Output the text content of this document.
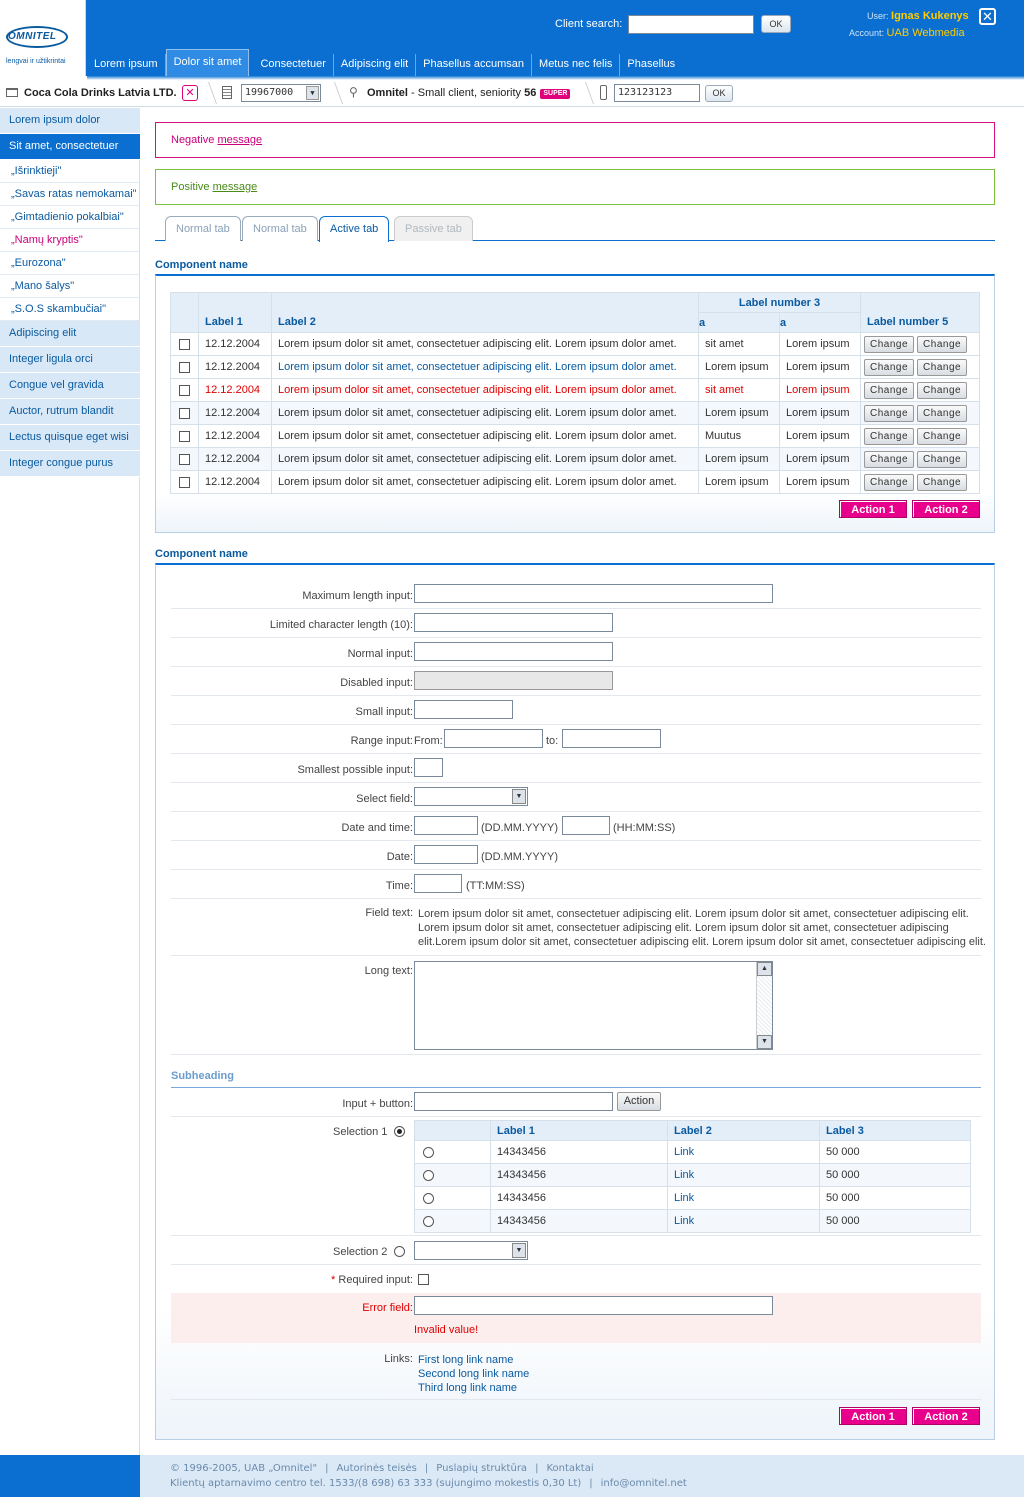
OMNITEL
lengvai ir užtikrintai
Client search:	OK
User: Ignas Kukenys
Account: UAB Webmedia
✕
Lorem ipsum	Dolor sit amet	Consectetuer	Adipiscing elit	Phasellus accumsan	Metus nec felis	Phasellus
Coca Cola Drinks Latvia LTD. ✕	19967000	▼	⚲ Omnitel - Small client, seniority 56 SUPER	123123123	OK
Lorem ipsum dolor
Sit amet, consectetuer
„Išrinktieji"
„Savas ratas nemokamai"
„Gimtadienio pokalbiai"
„Namų kryptis"
„Eurozona"
„Mano šalys"
„S.O.S skambučiai"
Adipiscing elit
Integer ligula orci
Congue vel gravida
Auctor, rutrum blandit
Lectus quisque eget wisi
Integer congue purus
Negative message
Positive message
Normal tab	Normal tab	Active tab	Passive tab
Component name
	Label 1	Label 2	Label number 3		Label number 5
			a	a	
	12.12.2004	Lorem ipsum dolor sit amet, consectetuer adipiscing elit. Lorem ipsum dolor amet.	sit amet	Lorem ipsum	Change Change
	12.12.2004	Lorem ipsum dolor sit amet, consectetuer adipiscing elit. Lorem ipsum dolor amet.	Lorem ipsum	Lorem ipsum	Change Change
	12.12.2004	Lorem ipsum dolor sit amet, consectetuer adipiscing elit. Lorem ipsum dolor amet.	sit amet	Lorem ipsum	Change Change
	12.12.2004	Lorem ipsum dolor sit amet, consectetuer adipiscing elit. Lorem ipsum dolor amet.	Lorem ipsum	Lorem ipsum	Change Change
	12.12.2004	Lorem ipsum dolor sit amet, consectetuer adipiscing elit. Lorem ipsum dolor amet.	Muutus	Lorem ipsum	Change Change
	12.12.2004	Lorem ipsum dolor sit amet, consectetuer adipiscing elit. Lorem ipsum dolor amet.	Lorem ipsum	Lorem ipsum	Change Change
	12.12.2004	Lorem ipsum dolor sit amet, consectetuer adipiscing elit. Lorem ipsum dolor amet.	Lorem ipsum	Lorem ipsum	Change Change
Action 1	Action 2
Component name
Maximum length input:
Limited character length (10):
Normal input:
Disabled input:
Small input:
Range input: From:	to:
Smallest possible input:
Select field:	▼
Date and time:	(DD.MM.YYYY)	(HH:MM:SS)
Date:	(DD.MM.YYYY)
Time:	(TT:MM:SS)
Field text: Lorem ipsum dolor sit amet, consectetuer adipiscing elit. Lorem ipsum dolor sit amet, consectetuer adipiscing elit.
Lorem ipsum dolor sit amet, consectetuer adipiscing elit. Lorem ipsum dolor sit amet, consectetuer adipiscing
elit.Lorem ipsum dolor sit amet, consectetuer adipiscing elit. Lorem ipsum dolor sit amet, consectetuer adipiscing elit.
Long text:	▲
▼
Subheading
Input + button:	Action
Selection 1
		Label 1	Label 2	Label 3

	14343456	Link	50 000

	14343456	Link	50 000

	14343456	Link	50 000

	14343456	Link	50 000
Selection 2	▼
* Required input:
Error field:
Invalid value!
Links: First long link name
Second long link name
Third long link name
Action 1	Action 2
© 1996-2005, UAB „Omnitel" | Autorinės teisės | Puslapių struktūra | Kontaktai
Klientų aptarnavimo centro tel. 1533/(8 698) 63 333 (sujungimo mokestis 0,30 Lt) | info@omnitel.net
